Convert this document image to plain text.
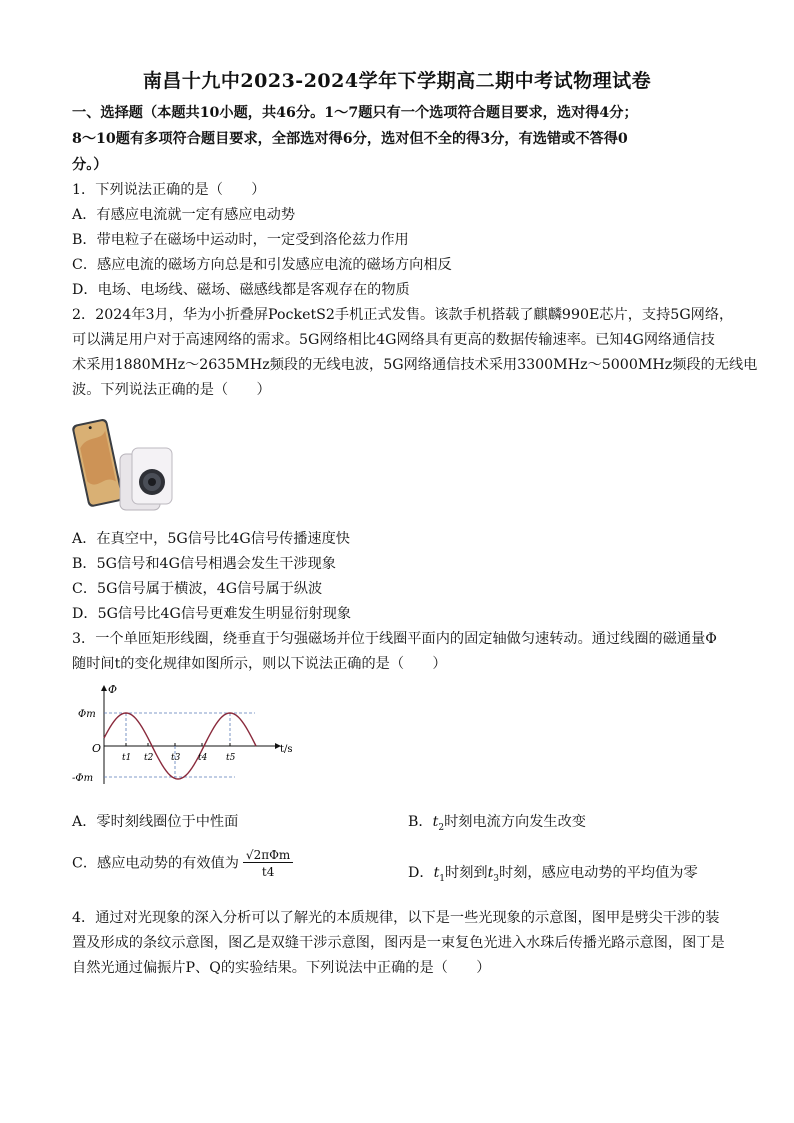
南昌十九中2023-2024学年下学期高二期中考试物理试卷
一、选择题（本题共10小题，共46分。1～7题只有一个选项符合题目要求，选对得4分；
8～10题有多项符合题目要求，全部选对得6分，选对但不全的得3分，有选错或不答得0
分。）
1．下列说法正确的是（　　）
A．有感应电流就一定有感应电动势
B．带电粒子在磁场中运动时，一定受到洛伦兹力作用
C．感应电流的磁场方向总是和引发感应电流的磁场方向相反
D．电场、电场线、磁场、磁感线都是客观存在的物质
2．2024年3月，华为小折叠屏PocketS2手机正式发售。该款手机搭载了麒麟990E芯片，支持5G网络，
可以满足用户对于高速网络的需求。5G网络相比4G网络具有更高的数据传输速率。已知4G网络通信技
术采用1880MHz～2635MHz频段的无线电波，5G网络通信技术采用3300MHz～5000MHz频段的无线电
波。下列说法正确的是（　　）
A．在真空中，5G信号比4G信号传播速度快
B．5G信号和4G信号相遇会发生干涉现象
C．5G信号属于横波，4G信号属于纵波
D．5G信号比4G信号更难发生明显衍射现象
3．一个单匝矩形线圈，绕垂直于匀强磁场并位于线圈平面内的固定轴做匀速转动。通过线圈的磁通量Φ
随时间t的变化规律如图所示，则以下说法正确的是（　　）
Φ
t/s
O
Φm
-Φm
t1 t2 t3 t4 t5
A．零时刻线圈位于中性面	B．$t_2$时刻电流方向发生改变
C．感应电动势的有效值为 $\frac{\text{√2πΦm}}{t4}$	D．$t_1$时刻到$t_3$时刻，感应电动势的平均值为零
4．通过对光现象的深入分析可以了解光的本质规律，以下是一些光现象的示意图，图甲是劈尖干涉的装
置及形成的条纹示意图，图乙是双缝干涉示意图，图丙是一束复色光进入水珠后传播光路示意图，图丁是
自然光通过偏振片P、Q的实验结果。下列说法中正确的是（　　）
